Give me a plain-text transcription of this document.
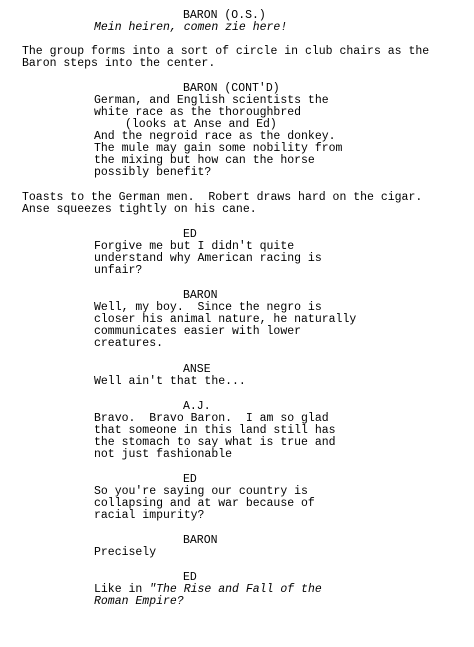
BARON (O.S.)
Mein heiren, comen zie here!
The group forms into a sort of circle in club chairs as the
Baron steps into the center.
BARON (CONT'D)
German, and English scientists the
white race as the thoroughbred
(looks at Anse and Ed)
And the negroid race as the donkey.
The mule may gain some nobility from
the mixing but how can the horse
possibly benefit?
Toasts to the German men.  Robert draws hard on the cigar.
Anse squeezes tightly on his cane.
ED
Forgive me but I didn't quite
understand why American racing is
unfair?
BARON
Well, my boy.  Since the negro is
closer his animal nature, he naturally
communicates easier with lower
creatures.
ANSE
Well ain't that the...
A.J.
Bravo.  Bravo Baron.  I am so glad
that someone in this land still has
the stomach to say what is true and
not just fashionable
ED
So you're saying our country is
collapsing and at war because of
racial impurity?
BARON
Precisely
ED
Like in "The Rise and Fall of the
Roman Empire?
